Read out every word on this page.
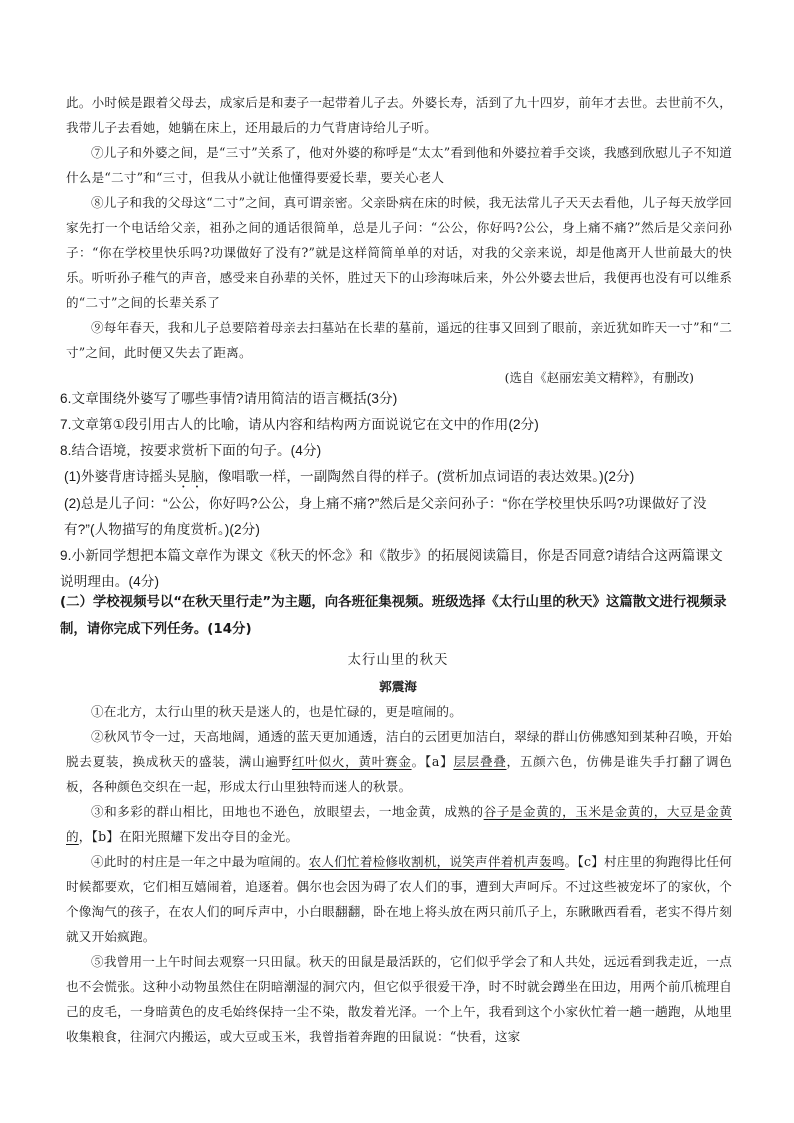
此。小时候是跟着父母去，成家后是和妻子一起带着儿子去。外婆长寿，活到了九十四岁，前年才去世。去世前不久，我带儿子去看她，她躺在床上，还用最后的力气背唐诗给儿子听。

⑦儿子和外婆之间，是“三寸”关系了，他对外婆的称呼是“太太”看到他和外婆拉着手交谈，我感到欣慰儿子不知道什么是“二寸”和“三寸，但我从小就让他懂得要爱长辈，要关心老人

⑧儿子和我的父母这“二寸”之间，真可谓亲密。父亲卧病在床的时候，我无法常儿子天天去看他，儿子每天放学回家先打一个电话给父亲，祖孙之间的通话很简单，总是儿子问：“公公，你好吗?公公，身上痛不痛?”然后是父亲问孙子：“你在学校里快乐吗?功课做好了没有?”就是这样简简单单的对话，对我的父亲来说，却是他离开人世前最大的快乐。听听孙子稚气的声音，感受来自孙辈的关怀，胜过天下的山珍海味后来，外公外婆去世后，我便再也没有可以维系的“二寸”之间的长辈关系了

⑨每年春天，我和儿子总要陪着母亲去扫墓站在长辈的墓前，遥远的往事又回到了眼前，亲近犹如昨天一寸”和“二寸”之间，此时便又失去了距离。

(选自《赵丽宏美文精粹》，有删改)

6.文章围绕外婆写了哪些事情?请用简洁的语言概括(3分)

7.文章第①段引用古人的比喻，请从内容和结构两方面说说它在文中的作用(2分)

8.结合语境，按要求赏析下面的句子。(4分)

(1)外婆背唐诗摇头晃脑，像唱歌一样，一副陶然自得的样子。(赏析加点词语的表达效果。)(2分)

(2)总是儿子问：“公公，你好吗?公公，身上痛不痛?”然后是父亲问孙子：“你在学校里快乐吗?功课做好了没有?”(人物描写的角度赏析。)(2分)

9.小新同学想把本篇文章作为课文《秋天的怀念》和《散步》的拓展阅读篇目，你是否同意?请结合这两篇课文说明理由。(4分)

(二）学校视频号以“在秋天里行走”为主题，向各班征集视频。班级选择《太行山里的秋天》这篇散文进行视频录制，请你完成下列任务。(14分)

太行山里的秋天

郭震海

①在北方，太行山里的秋天是迷人的，也是忙碌的，更是喧闹的。

②秋风节令一过，天高地阔，通透的蓝天更加通透，洁白的云团更加洁白，翠绿的群山仿佛感知到某种召唤，开始脱去夏装，换成秋天的盛装，满山遍野红叶似火，黄叶赛金。【a】层层叠叠，五颜六色，仿佛是谁失手打翻了调色板，各种颜色交织在一起，形成太行山里独特而迷人的秋景。

③和多彩的群山相比，田地也不逊色，放眼望去，一地金黄，成熟的谷子是金黄的，玉米是金黄的，大豆是金黄的，【b】在阳光照耀下发出夺目的金光。

④此时的村庄是一年之中最为喧闹的。农人们忙着检修收割机，说笑声伴着机声轰鸣。【c】村庄里的狗跑得比任何时候都要欢，它们相互嬉闹着，追逐着。偶尔也会因为碍了农人们的事，遭到大声呵斥。不过这些被宠坏了的家伙，个个像淘气的孩子，在农人们的呵斥声中，小白眼翻翻，卧在地上将头放在两只前爪子上，东瞅瞅西看看，老实不得片刻就又开始疯跑。

⑤我曾用一上午时间去观察一只田鼠。秋天的田鼠是最活跃的，它们似乎学会了和人共处，远远看到我走近，一点也不会慌张。这种小动物虽然住在阴暗潮湿的洞穴内，但它似乎很爱干净，时不时就会蹲坐在田边，用两个前爪梳理自己的皮毛，一身暗黄色的皮毛始终保持一尘不染，散发着光泽。一个上午，我看到这个小家伙忙着一趟一趟跑，从地里收集粮食，往洞穴内搬运，或大豆或玉米，我曾指着奔跑的田鼠说：“快看，这家
